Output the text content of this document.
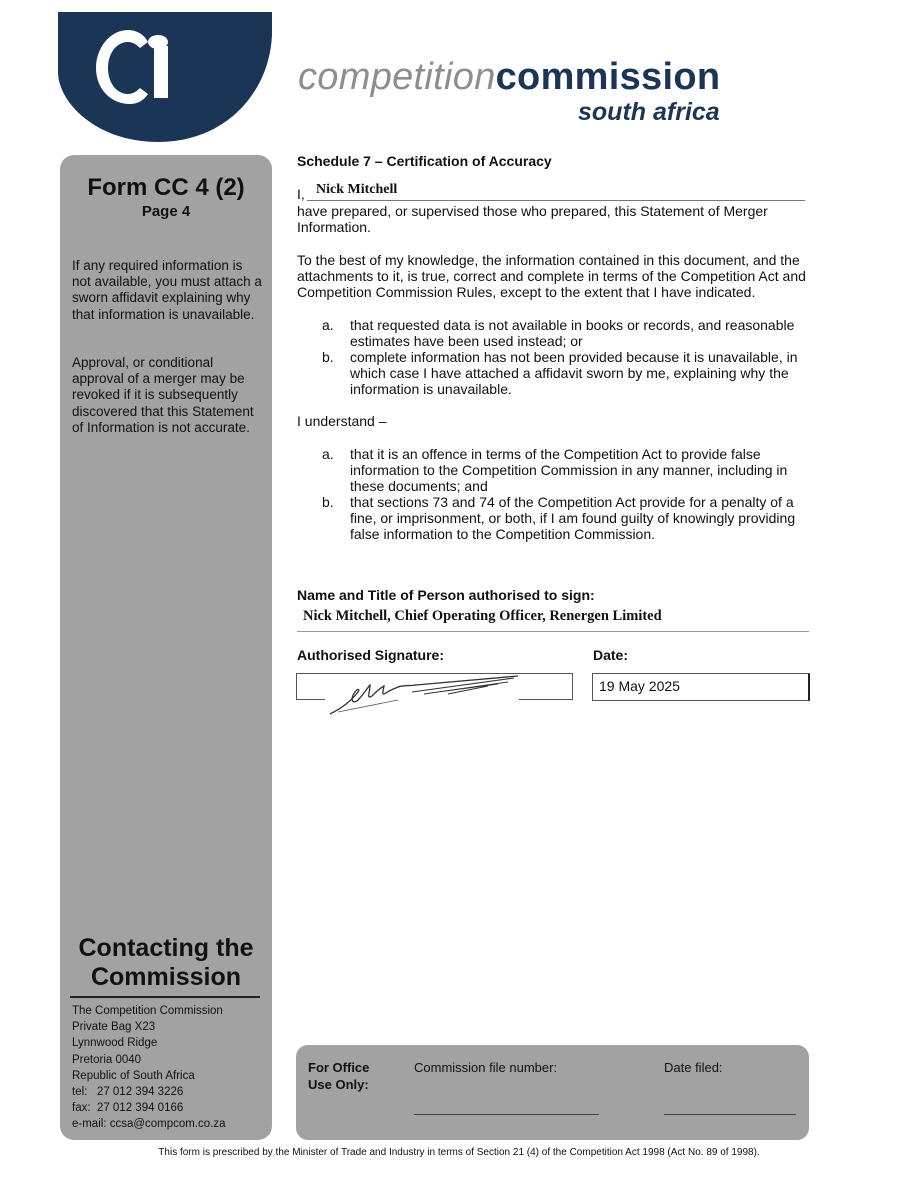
competitioncommission
south africa
Form CC 4 (2)
Page 4
If any required information is not available, you must attach a sworn affidavit explaining why that information is unavailable.
Approval, or conditional approval of a merger may be revoked if it is subsequently discovered that this Statement of Information is not accurate.
Contacting the
Commission
The Competition Commission
Private Bag X23
Lynnwood Ridge
Pretoria 0040
Republic of South Africa
tel:   27 012 394 3226
fax:  27 012 394 0166
e-mail: ccsa@compcom.co.za
Schedule 7 – Certification of Accuracy
I, Nick Mitchell
have prepared, or supervised those who prepared, this Statement of Merger Information.
To the best of my knowledge, the information contained in this document, and the attachments to it, is true, correct and complete in terms of the Competition Act and Competition Commission Rules, except to the extent that I have indicated.
a. that requested data is not available in books or records, and reasonable estimates have been used instead; or
b. complete information has not been provided because it is unavailable, in which case I have attached a affidavit sworn by me, explaining why the information is unavailable.
I understand –
a. that it is an offence in terms of the Competition Act to provide false information to the Competition Commission in any manner, including in these documents; and
b. that sections 73 and 74 of the Competition Act provide for a penalty of a fine, or imprisonment, or both, if I am found guilty of knowingly providing false information to the Competition Commission.
Name and Title of Person authorised to sign:
Nick Mitchell, Chief Operating Officer, Renergen Limited
Authorised Signature:	Date:
19 May 2025
For Office Use Only:
Commission file number:	Date filed:
This form is prescribed by the Minister of Trade and Industry in terms of Section 21 (4) of the Competition Act 1998 (Act No. 89 of 1998).
